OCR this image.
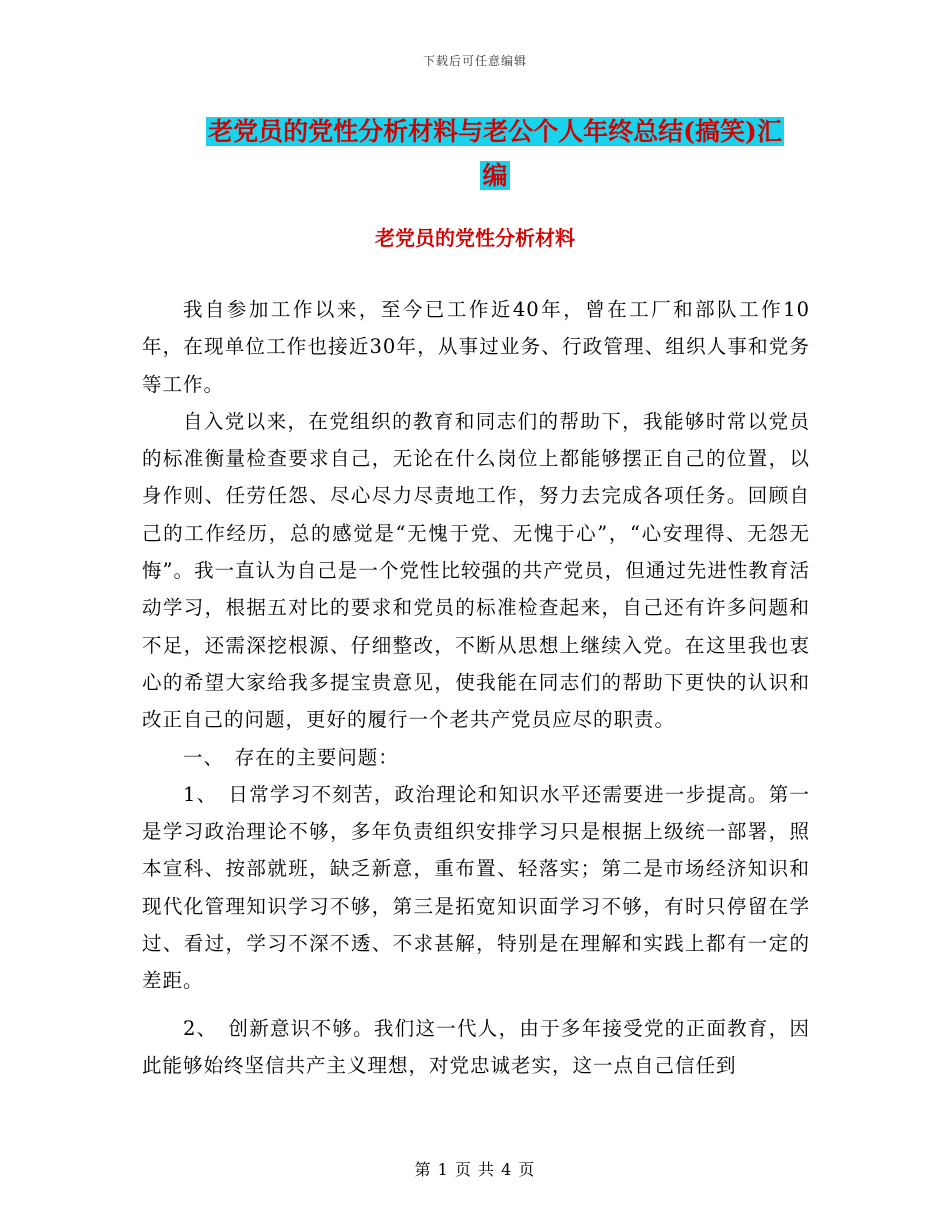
下载后可任意编辑
老党员的党性分析材料与老公个人年终总结(搞笑)汇
编
老党员的党性分析材料

我自参加工作以来，至今已工作近40年，曾在工厂和部队工作10年，在现单位工作也接近30年，从事过业务、行政管理、组织人事和党务等工作。

自入党以来，在党组织的教育和同志们的帮助下，我能够时常以党员的标准衡量检查要求自己，无论在什么岗位上都能够摆正自己的位置，以身作则、任劳任怨、尽心尽力尽责地工作，努力去完成各项任务。回顾自己的工作经历，总的感觉是“无愧于党、无愧于心”，“心安理得、无怨无悔”。我一直认为自己是一个党性比较强的共产党员，但通过先进性教育活动学习，根据五对比的要求和党员的标准检查起来，自己还有许多问题和不足，还需深挖根源、仔细整改，不断从思想上继续入党。在这里我也衷心的希望大家给我多提宝贵意见，使我能在同志们的帮助下更快的认识和改正自己的问题，更好的履行一个老共产党员应尽的职责。

一、　存在的主要问题：

1、　日常学习不刻苦，政治理论和知识水平还需要进一步提高。第一是学习政治理论不够，多年负责组织安排学习只是根据上级统一部署，照本宣科、按部就班，缺乏新意，重布置、轻落实；第二是市场经济知识和现代化管理知识学习不够，第三是拓宽知识面学习不够，有时只停留在学过、看过，学习不深不透、不求甚解，特别是在理解和实践上都有一定的差距。

2、　创新意识不够。我们这一代人，由于多年接受党的正面教育，因此能够始终坚信共产主义理想，对党忠诚老实，这一点自己信任到

第 1 页 共 4 页
